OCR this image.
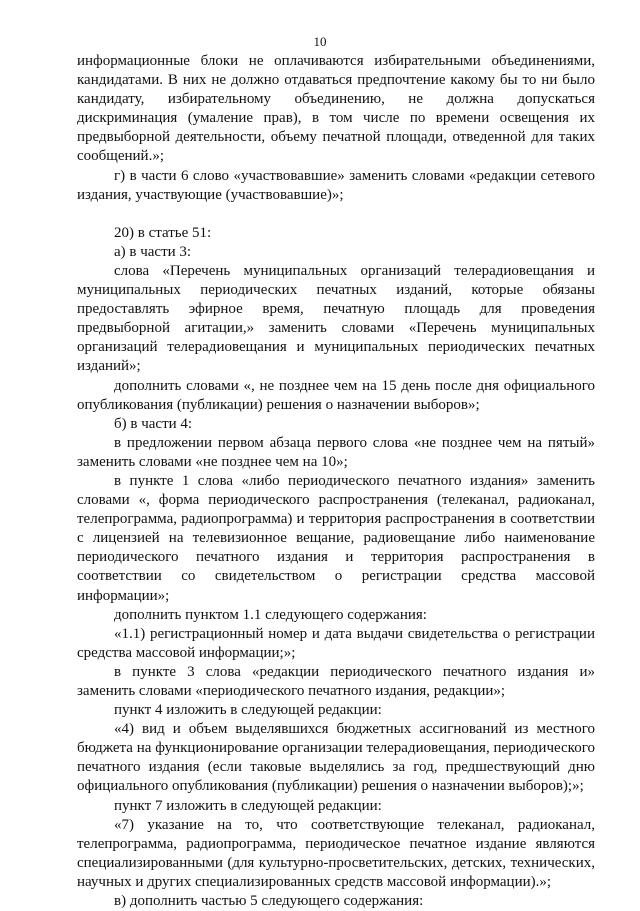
10

информационные блоки не оплачиваются избирательными объединениями, кандидатами. В них не должно отдаваться предпочтение какому бы то ни было кандидату, избирательному объединению, не должна допускаться дискриминация (умаление прав), в том числе по времени освещения их предвыборной деятельности, объему печатной площади, отведенной для таких сообщений.»;

г) в части 6 слово «участвовавшие» заменить словами «редакции сетевого издания, участвующие (участвовавшие)»;

20) в статье 51:

а) в части 3:

слова «Перечень муниципальных организаций телерадиовещания и муниципальных периодических печатных изданий, которые обязаны предоставлять эфирное время, печатную площадь для проведения предвыборной агитации,» заменить словами «Перечень муниципальных организаций телерадиовещания и муниципальных периодических печатных изданий»;

дополнить словами «, не позднее чем на 15 день после дня официального опубликования (публикации) решения о назначении выборов»;

б) в части 4:

в предложении первом абзаца первого слова «не позднее чем на пятый» заменить словами «не позднее чем на 10»;

в пункте 1 слова «либо периодического печатного издания» заменить словами «, форма периодического распространения (телеканал, радиоканал, телепрограмма, радиопрограмма) и территория распространения в соответствии с лицензией на телевизионное вещание, радиовещание либо наименование периодического печатного издания и территория распространения в соответствии со свидетельством о регистрации средства массовой информации»;

дополнить пунктом 1.1 следующего содержания:

«1.1) регистрационный номер и дата выдачи свидетельства о регистрации средства массовой информации;»;

в пункте 3 слова «редакции периодического печатного издания и» заменить словами «периодического печатного издания, редакции»;

пункт 4 изложить в следующей редакции:

«4) вид и объем выделявшихся бюджетных ассигнований из местного бюджета на функционирование организации телерадиовещания, периодического печатного издания (если таковые выделялись за год, предшествующий дню официального опубликования (публикации) решения о назначении выборов);»;

пункт 7 изложить в следующей редакции:

«7) указание на то, что соответствующие телеканал, радиоканал, телепрограмма, радиопрограмма, периодическое печатное издание являются специализированными (для культурно-просветительских, детских, технических, научных и других специализированных средств массовой информации).»;

в) дополнить частью 5 следующего содержания:
